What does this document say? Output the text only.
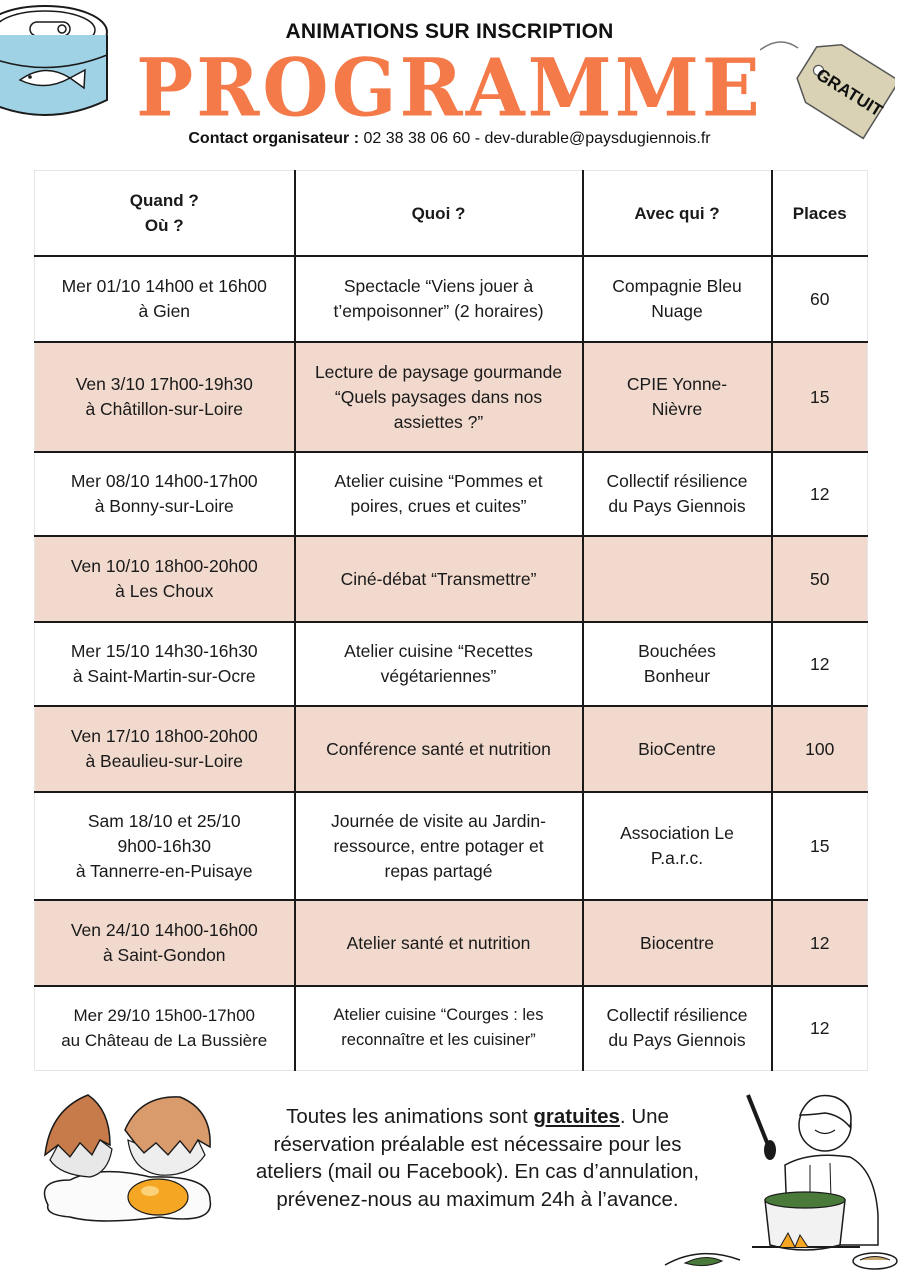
ANIMATIONS SUR INSCRIPTION
PROGRAMME	GRATUIT
Contact organisateur : 02 38 38 06 60 - dev-durable@paysdugiennois.fr
Quand ?
Où ?	Quoi ?	Avec qui ?	Places
Mer 01/10 14h00 et 16h00
à Gien	Spectacle “Viens jouer à t’empoisonner” (2 horaires)	Compagnie Bleu Nuage	60
Ven 3/10 17h00-19h30
à Châtillon-sur-Loire	Lecture de paysage gourmande “Quels paysages dans nos assiettes ?”	CPIE Yonne-
Nièvre	15
Mer 08/10 14h00-17h00
à Bonny-sur-Loire	Atelier cuisine “Pommes et poires, crues et cuites”	Collectif résilience du Pays Giennois	12
Ven 10/10 18h00-20h00
à Les Choux	Ciné-débat “Transmettre”		50
Mer 15/10 14h30-16h30
à Saint-Martin-sur-Ocre	Atelier cuisine “Recettes végétariennes”	Bouchées
Bonheur	12
Ven 17/10 18h00-20h00
à Beaulieu-sur-Loire	Conférence santé et nutrition	BioCentre	100
Sam 18/10 et 25/10
9h00-16h30
à Tannerre-en-Puisaye	Journée de visite au Jardin-ressource, entre potager et repas partagé	Association Le P.a.r.c.	15
Ven 24/10 14h00-16h00
à Saint-Gondon	Atelier santé et nutrition	Biocentre	12
Mer 29/10 15h00-17h00
au Château de La Bussière	Atelier cuisine “Courges : les reconnaître et les cuisiner”	Collectif résilience du Pays Giennois	12
Toutes les animations sont gratuites. Une réservation préalable est nécessaire pour les ateliers (mail ou Facebook). En cas d’annulation, prévenez-nous au maximum 24h à l’avance.
